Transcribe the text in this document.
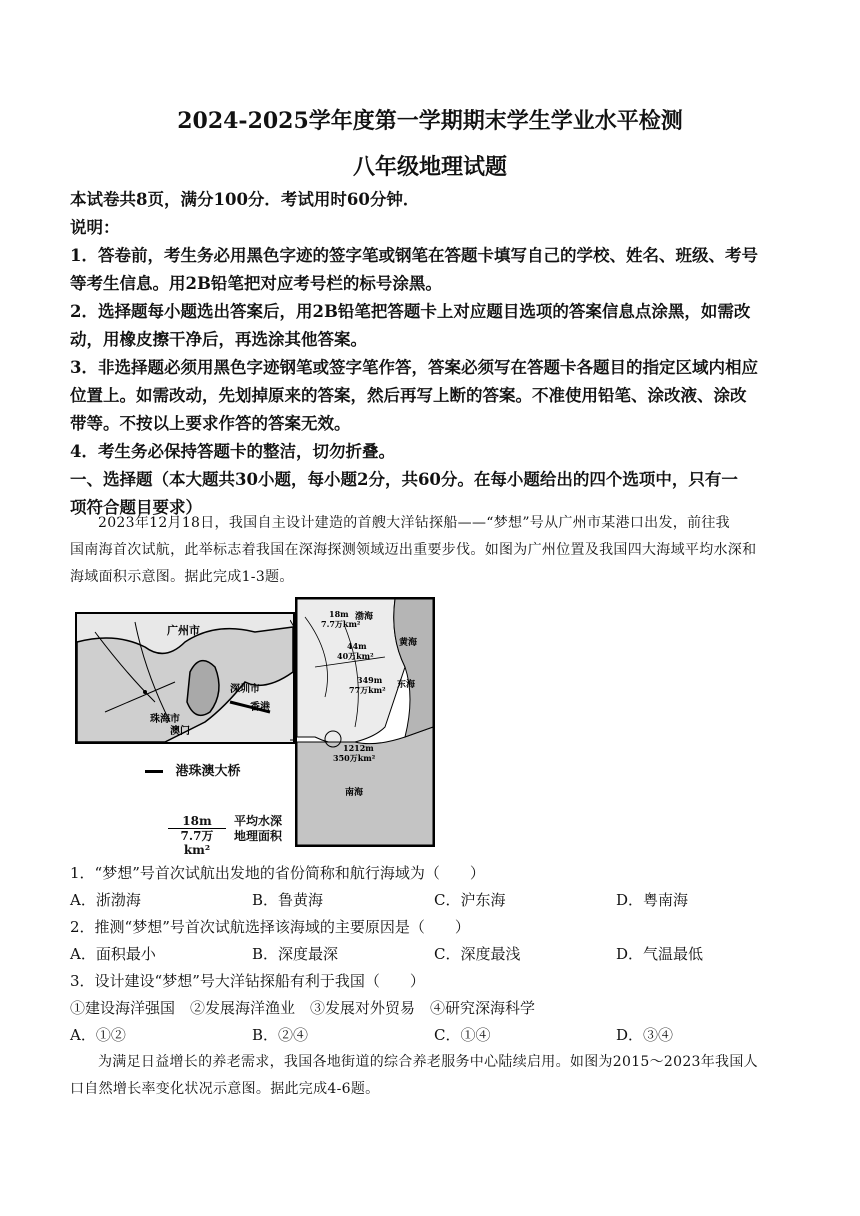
2024-2025学年度第一学期期末学生学业水平检测
八年级地理试题
本试卷共8页，满分100分．考试用时60分钟．
说明：
1．答卷前，考生务必用黑色字迹的签字笔或钢笔在答题卡填写自己的学校、姓名、班级、考号
等考生信息。用2B铅笔把对应考号栏的标号涂黑。
2．选择题每小题选出答案后，用2B铅笔把答题卡上对应题目选项的答案信息点涂黑，如需改
动，用橡皮擦干净后，再选涂其他答案。
3．非选择题必须用黑色字迹钢笔或签字笔作答，答案必须写在答题卡各题目的指定区域内相应
位置上。如需改动，先划掉原来的答案，然后再写上断的答案。不准使用铅笔、涂改液、涂改
带等。不按以上要求作答的答案无效。
4．考生务必保持答题卡的整洁，切勿折叠。
一、选择题（本大题共30小题，每小题2分，共60分。在每小题给出的四个选项中，只有一
项符合题目要求）

2023年12月18日，我国自主设计建造的首艘大洋钻探船——“梦想”号从广州市某港口出发，前往我

国南海首次试航，此举标志着我国在深海探测领域迈出重要步伐。如图为广州位置及我国四大海域平均水深和
海域面积示意图。据此完成1-3题。
广州市
珠海市
深圳市
香港
澳门
渤海
18m
7.7万km²
黄海
44m
40万km²
东海
349m
77万km²
南海
1212m
350万km²
港珠澳大桥
18m	平均水深
7.7万km²
地理面积
1．“梦想”号首次试航出发地的省份简称和航行海域为（　　）
A．浙渤海	B．鲁黄海	C．沪东海	D．粤南海
2．推测“梦想”号首次试航选择该海域的主要原因是（　　）
A．面积最小	B．深度最深	C．深度最浅	D．气温最低
3．设计建设“梦想”号大洋钻探船有利于我国（　　）
①建设海洋强国　②发展海洋渔业　③发展对外贸易　④研究深海科学
A．①②	B．②④	C．①④	D．③④

为满足日益增长的养老需求，我国各地街道的综合养老服务中心陆续启用。如图为2015～2023年我国人

口自然增长率变化状况示意图。据此完成4-6题。
